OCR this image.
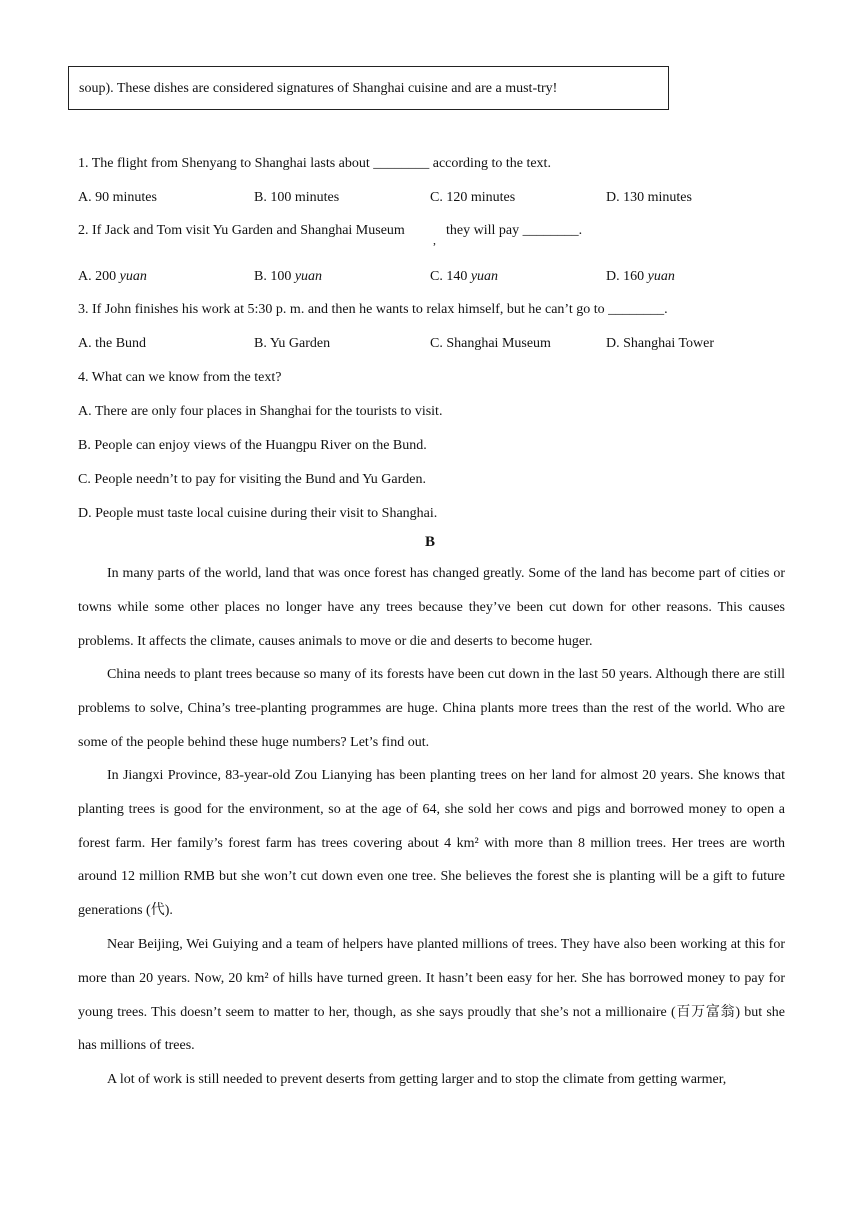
soup). These dishes are considered signatures of Shanghai cuisine and are a must-try!
1. The flight from Shenyang to Shanghai lasts about ________ according to the text.
A. 90 minutes	B. 100 minutes	C. 120 minutes	D. 130 minutes
2. If Jack and Tom visit Yu Garden and Shanghai Museum
,
they will pay ________.
A. 200 yuan	B. 100 yuan	C. 140 yuan	D. 160 yuan
3. If John finishes his work at 5:30 p. m. and then he wants to relax himself, but he can’t go to ________.
A. the Bund	B. Yu Garden	C. Shanghai Museum	D. Shanghai Tower
4. What can we know from the text?
A. There are only four places in Shanghai for the tourists to visit.
B. People can enjoy views of the Huangpu River on the Bund.
C. People needn’t to pay for visiting the Bund and Yu Garden.
D. People must taste local cuisine during their visit to Shanghai.
B

In many parts of the world, land that was once forest has changed greatly. Some of the land has become part of cities or towns while some other places no longer have any trees because they’ve been cut down for other reasons. This causes problems. It affects the climate, causes animals to move or die and deserts to become huger.

China needs to plant trees because so many of its forests have been cut down in the last 50 years. Although there are still problems to solve, China’s tree-planting programmes are huge. China plants more trees than the rest of the world. Who are some of the people behind these huge numbers? Let’s find out.

In Jiangxi Province, 83-year-old Zou Lianying has been planting trees on her land for almost 20 years. She knows that planting trees is good for the environment, so at the age of 64, she sold her cows and pigs and borrowed money to open a forest farm. Her family’s forest farm has trees covering about 4 km² with more than 8 million trees. Her trees are worth around 12 million RMB but she won’t cut down even one tree. She believes the forest she is planting will be a gift to future generations (代).

Near Beijing, Wei Guiying and a team of helpers have planted millions of trees. They have also been working at this for more than 20 years. Now, 20 km² of hills have turned green. It hasn’t been easy for her. She has borrowed money to pay for young trees. This doesn’t seem to matter to her, though, as she says proudly that she’s not a millionaire (百万富翁) but she has millions of trees.

A lot of work is still needed to prevent deserts from getting larger and to stop the climate from getting warmer,
